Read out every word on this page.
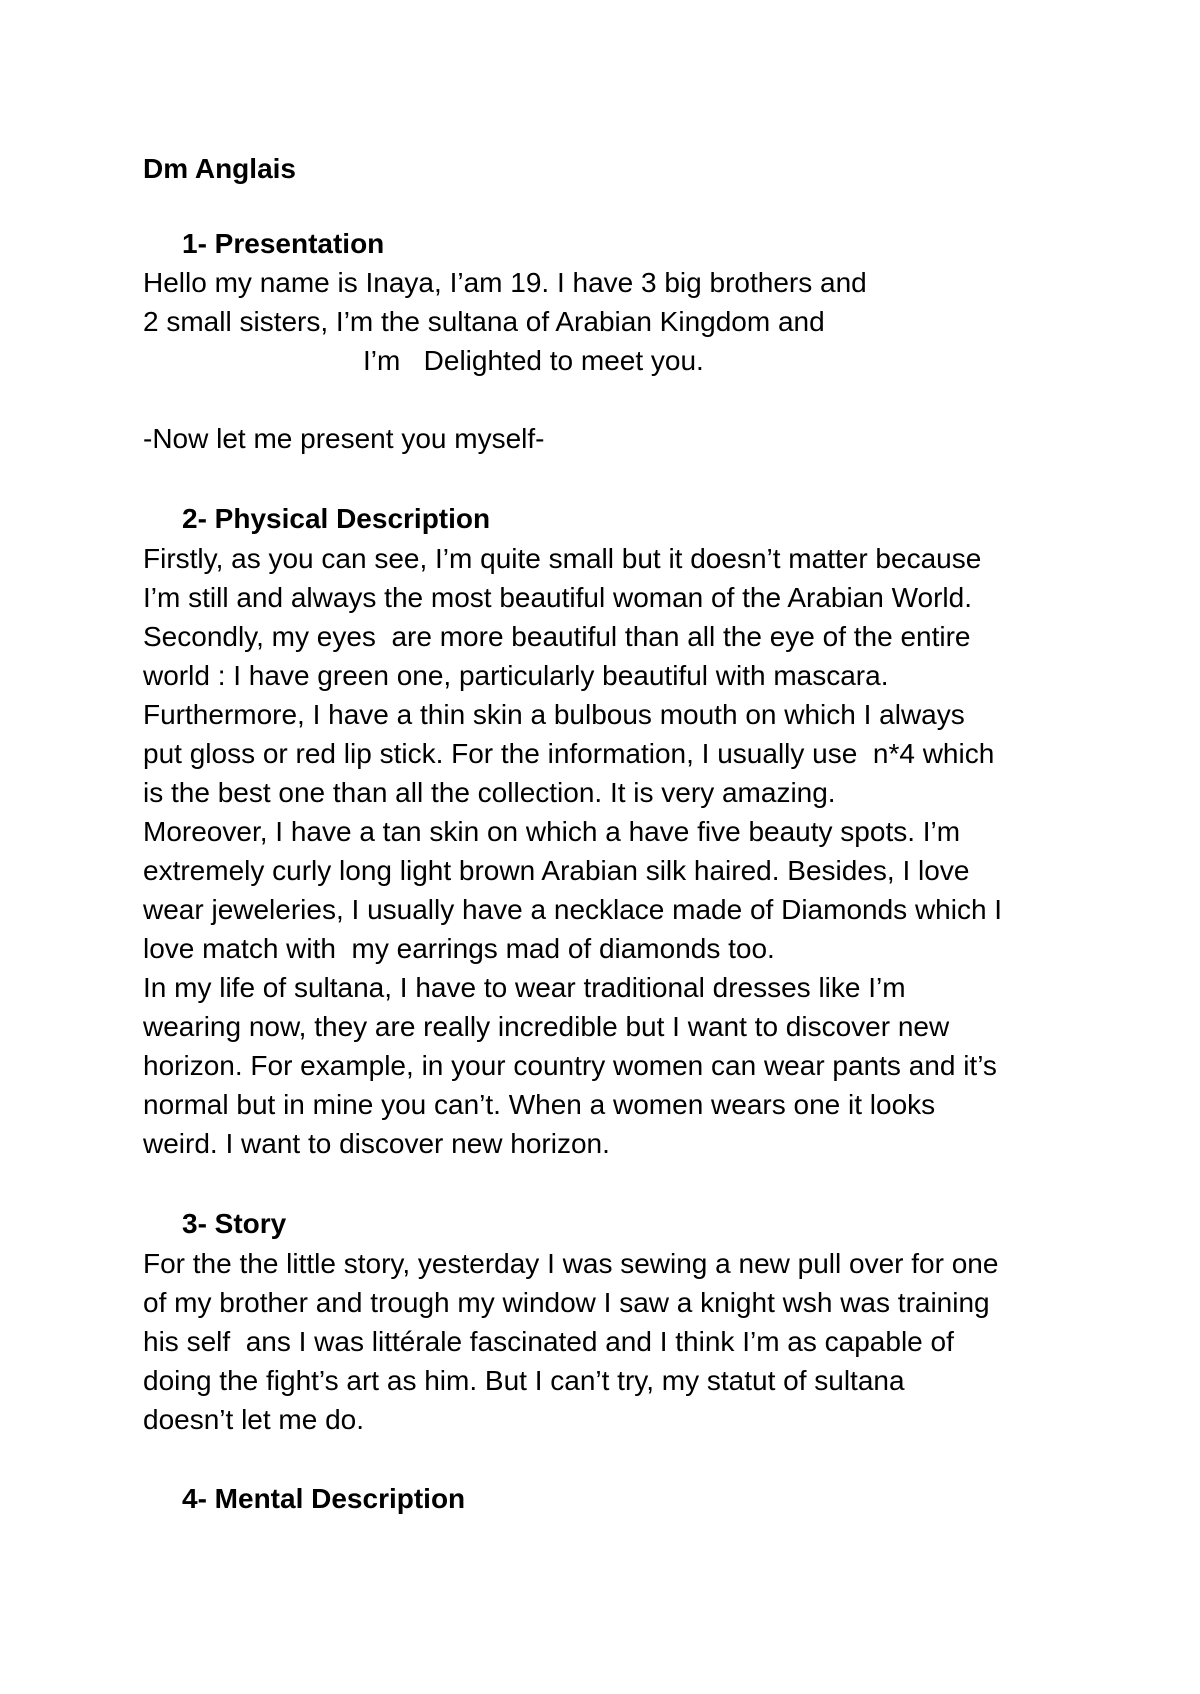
Dm Anglais
1- Presentation
Hello my name is Inaya, I’am 19. I have 3 big brothers and
2 small sisters, I’m the sultana of Arabian Kingdom and
I’m   Delighted to meet you.
-Now let me present you myself-
2- Physical Description
Firstly, as you can see, I’m quite small but it doesn’t matter because
I’m still and always the most beautiful woman of the Arabian World.
Secondly, my eyes  are more beautiful than all the eye of the entire
world : I have green one, particularly beautiful with mascara.
Furthermore, I have a thin skin a bulbous mouth on which I always
put gloss or red lip stick. For the information, I usually use  n*4 which
is the best one than all the collection. It is very amazing.
Moreover, I have a tan skin on which a have five beauty spots. I’m
extremely curly long light brown Arabian silk haired. Besides, I love
wear jeweleries, I usually have a necklace made of Diamonds which I
love match with  my earrings mad of diamonds too.
In my life of sultana, I have to wear traditional dresses like I’m
wearing now, they are really incredible but I want to discover new
horizon. For example, in your country women can wear pants and it’s
normal but in mine you can’t. When a women wears one it looks
weird. I want to discover new horizon.
3- Story
For the the little story, yesterday I was sewing a new pull over for one
of my brother and trough my window I saw a knight wsh was training
his self  ans I was littérale fascinated and I think I’m as capable of
doing the fight’s art as him. But I can’t try, my statut of sultana
doesn’t let me do.
4- Mental Description
